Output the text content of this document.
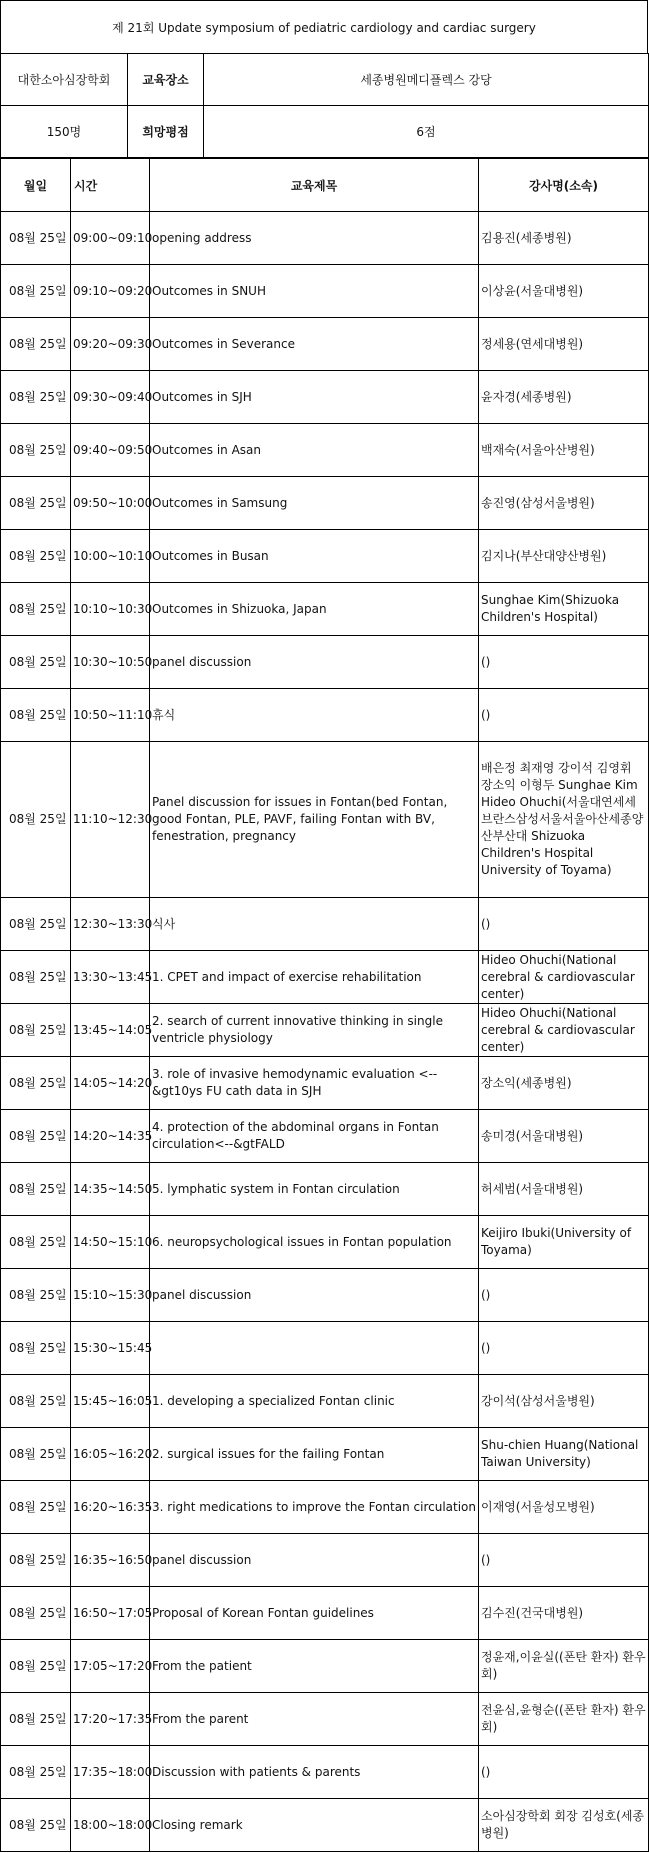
제 21회 Update symposium of pediatric cardiology and cardiac surgery
대한소아심장학회	교육장소	세종병원메디플렉스 강당
150명	희망평점	6점
월일	시간	교육제목	강사명(소속)
08월 25일	09:00~09:10	opening address	김용진(세종병원)
08월 25일	09:10~09:20	Outcomes in SNUH	이상윤(서울대병원)
08월 25일	09:20~09:30	Outcomes in Severance	정세용(연세대병원)
08월 25일	09:30~09:40	Outcomes in SJH	윤자경(세종병원)
08월 25일	09:40~09:50	Outcomes in Asan	백재숙(서울아산병원)
08월 25일	09:50~10:00	Outcomes in Samsung	송진영(삼성서울병원)
08월 25일	10:00~10:10	Outcomes in Busan	김지나(부산대양산병원)
08월 25일	10:10~10:30	Outcomes in Shizuoka, Japan	Sunghae Kim(Shizuoka Children's Hospital)
08월 25일	10:30~10:50	panel discussion	()
08월 25일	10:50~11:10	휴식	()
08월 25일	11:10~12:30	Panel discussion for issues in Fontan(bed Fontan, good Fontan, PLE, PAVF, failing Fontan with BV, fenestration, pregnancy	배은정 최재영 강이석 김영휘 장소익 이형두 Sunghae Kim Hideo Ohuchi(서울대연세세브란스삼성서울서울아산세종양산부산대 Shizuoka Children's Hospital University of Toyama)
08월 25일	12:30~13:30	식사	()
08월 25일	13:30~13:45	1. CPET and impact of exercise rehabilitation	Hideo Ohuchi(National cerebral & cardiovascular center)
08월 25일	13:45~14:05	2. search of current innovative thinking in single ventricle physiology	Hideo Ohuchi(National cerebral & cardiovascular center)
08월 25일	14:05~14:20	3. role of invasive hemodynamic evaluation <--&gt10ys FU cath data in SJH	장소익(세종병원)
08월 25일	14:20~14:35	4. protection of the abdominal organs in Fontan circulation<--&gtFALD	송미경(서울대병원)
08월 25일	14:35~14:50	5. lymphatic system in Fontan circulation	허세범(서울대병원)
08월 25일	14:50~15:10	6. neuropsychological issues in Fontan population	Keijiro Ibuki(University of Toyama)
08월 25일	15:10~15:30	panel discussion	()
08월 25일	15:30~15:45		()
08월 25일	15:45~16:05	1. developing a specialized Fontan clinic	강이석(삼성서울병원)
08월 25일	16:05~16:20	2. surgical issues for the failing Fontan	Shu-chien Huang(National Taiwan University)
08월 25일	16:20~16:35	3. right medications to improve the Fontan circulation	이재영(서울성모병원)
08월 25일	16:35~16:50	panel discussion	()
08월 25일	16:50~17:05	Proposal of Korean Fontan guidelines	김수진(건국대병원)
08월 25일	17:05~17:20	From the patient	정윤재,이윤실((폰탄 환자) 환우회)
08월 25일	17:20~17:35	From the parent	전윤심,윤형순((폰탄 환자) 환우회)
08월 25일	17:35~18:00	Discussion with patients & parents	()
08월 25일	18:00~18:00	Closing remark	소아심장학회 회장 김성호(세종병원)
